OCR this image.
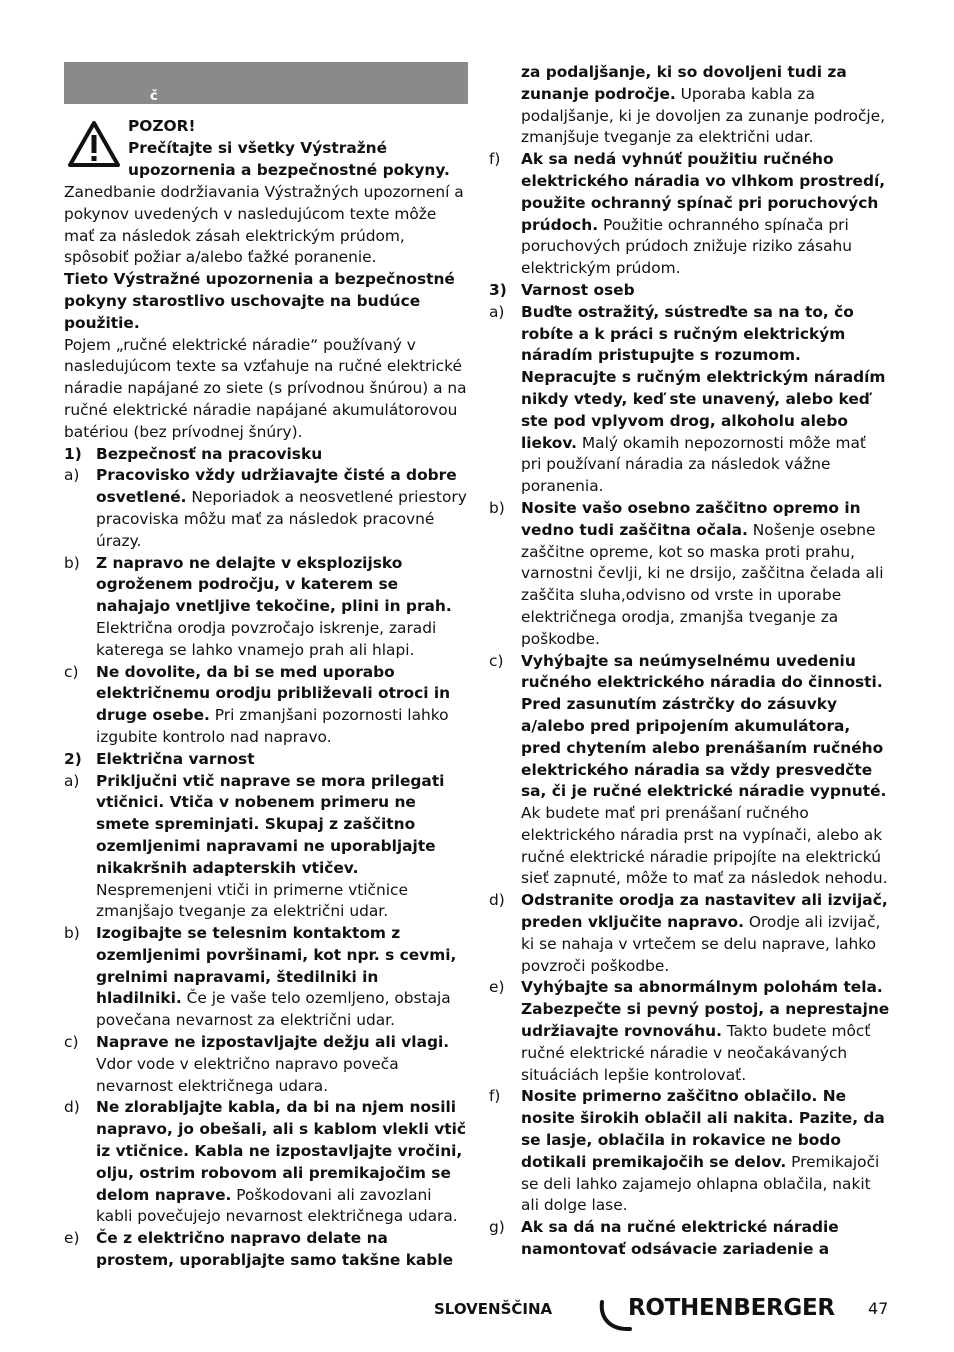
č

POZOR!

Prečítajte si všetky Výstražné upozornenia a bezpečnostné pokyny.

Zanedbanie dodržiavania Výstražných upozornení a pokynov uvedených v nasledujúcom texte môže mať za následok zásah elektrickým prúdom, spôsobiť požiar a/alebo ťažké poranenie.

Tieto Výstražné upozornenia a bezpečnostné pokyny starostlivo uschovajte na budúce použitie.

Pojem „ručné elektrické náradie“ používaný v nasledujúcom texte sa vzťahuje na ručné elektrické náradie napájané zo siete (s prívodnou šnúrou) a na ručné elektrické náradie napájané akumulátorovou batériou (bez prívodnej šnúry).

1) Bezpečnosť na pracovisku
a) Pracovisko vždy udržiavajte čisté a dobre osvetlené. Neporiadok a neosvetlené priestory pracoviska môžu mať za následok pracovné úrazy.
b) Z napravo ne delajte v eksplozijsko ogroženem področju, v katerem se nahajajo vnetljive tekočine, plini in prah. Električna orodja povzročajo iskrenje, zaradi katerega se lahko vnamejo prah ali hlapi.
c) Ne dovolite, da bi se med uporabo električnemu orodju približevali otroci in druge osebe. Pri zmanjšani pozornosti lahko izgubite kontrolo nad napravo.
2) Električna varnost
a) Priključni vtič naprave se mora prilegati vtičnici. Vtiča v nobenem primeru ne smete spreminjati. Skupaj z zaščitno ozemljenimi napravami ne uporabljajte nikakršnih adapterskih vtičev. Nespremenjeni vtiči in primerne vtičnice zmanjšajo tveganje za električni udar.
b) Izogibajte se telesnim kontaktom z ozemljenimi površinami, kot npr. s cevmi, grelnimi napravami, štedilniki in hladilniki. Če je vaše telo ozemljeno, obstaja povečana nevarnost za električni udar.
c) Naprave ne izpostavljajte dežju ali vlagi. Vdor vode v električno napravo poveča nevarnost električnega udara.
d) Ne zlorabljajte kabla, da bi na njem nosili napravo, jo obešali, ali s kablom vlekli vtič iz vtičnice. Kabla ne izpostavljajte vročini, olju, ostrim robovom ali premikajočim se delom naprave. Poškodovani ali zavozlani kabli povečujejo nevarnost električnega udara.
e) Če z električno napravo delate na prostem, uporabljajte samo takšne kable

za podaljšanje, ki so dovoljeni tudi za zunanje področje. Uporaba kabla za podaljšanje, ki je dovoljen za zunanje področje, zmanjšuje tveganje za električni udar.

f) Ak sa nedá vyhnúť použitiu ručného elektrického náradia vo vlhkom prostredí, použite ochranný spínač pri poruchových prúdoch. Použitie ochranného spínača pri poruchových prúdoch znižuje riziko zásahu elektrickým prúdom.
3) Varnost oseb
a) Buďte ostražitý, sústreďte sa na to, čo robíte a k práci s ručným elektrickým náradím pristupujte s rozumom. Nepracujte s ručným elektrickým náradím nikdy vtedy, keď ste unavený, alebo keď ste pod vplyvom drog, alkoholu alebo liekov. Malý okamih nepozornosti môže mať pri používaní náradia za následok vážne poranenia.
b) Nosite vašo osebno zaščitno opremo in vedno tudi zaščitna očala. Nošenje osebne zaščitne opreme, kot so maska proti prahu, varnostni čevlji, ki ne drsijo, zaščitna čelada ali zaščita sluha,odvisno od vrste in uporabe električnega orodja, zmanjša tveganje za poškodbe.
c) Vyhýbajte sa neúmyselnému uvedeniu ručného elektrického náradia do činnosti. Pred zasunutím zástrčky do zásuvky a/alebo pred pripojením akumulátora, pred chytením alebo prenášaním ručného elektrického náradia sa vždy presvedčte sa, či je ručné elektrické náradie vypnuté. Ak budete mať pri prenášaní ručného elektrického náradia prst na vypínači, alebo ak ručné elektrické náradie pripojíte na elektrickú sieť zapnuté, môže to mať za následok nehodu.
d) Odstranite orodja za nastavitev ali izvijač, preden vključite napravo. Orodje ali izvijač, ki se nahaja v vrtečem se delu naprave, lahko povzroči poškodbe.
e) Vyhýbajte sa abnormálnym polohám tela. Zabezpečte si pevný postoj, a neprestajne udržiavajte rovnováhu. Takto budete môcť ručné elektrické náradie v neočakávaných situáciách lepšie kontrolovať.
f) Nosite primerno zaščitno oblačilo. Ne nosite širokih oblačil ali nakita. Pazite, da se lasje, oblačila in rokavice ne bodo dotikali premikajočih se delov. Premikajoči se deli lahko zajamejo ohlapna oblačila, nakit ali dolge lase.
g) Ak sa dá na ručné elektrické náradie namontovať odsávacie zariadenie a
SLOVENŠČINA	ROTHENBERGER 47
